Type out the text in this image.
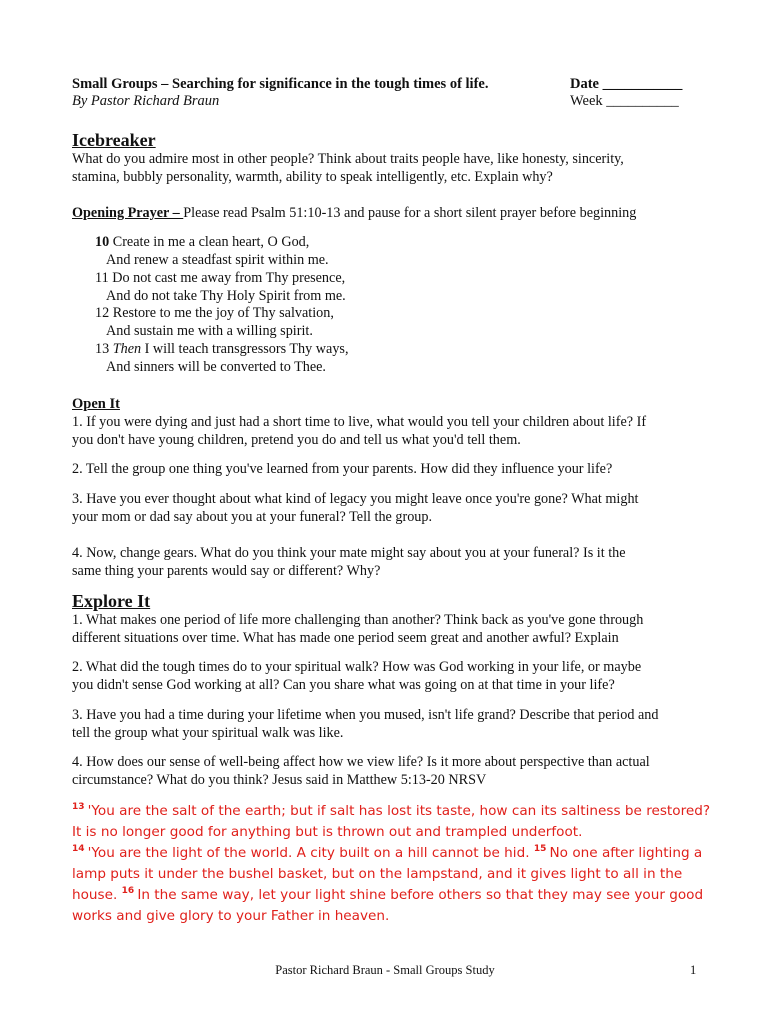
Small Groups – Searching for significance in the tough times of life.
By Pastor Richard Braun
Date ___________
Week __________
Icebreaker
What do you admire most in other people? Think about traits people have, like honesty, sincerity,
stamina, bubbly personality, warmth, ability to speak intelligently, etc. Explain why?
Opening Prayer – Please read Psalm 51:10-13 and pause for a short silent prayer before beginning
10 Create in me a clean heart, O God,
And renew a steadfast spirit within me.
11 Do not cast me away from Thy presence,
And do not take Thy Holy Spirit from me.
12 Restore to me the joy of Thy salvation,
And sustain me with a willing spirit.
13 Then I will teach transgressors Thy ways,
And sinners will be converted to Thee.
Open It
1. If you were dying and just had a short time to live, what would you tell your children about life? If
you don't have young children, pretend you do and tell us what you'd tell them.
2. Tell the group one thing you've learned from your parents. How did they influence your life?
3. Have you ever thought about what kind of legacy you might leave once you're gone? What might
your mom or dad say about you at your funeral? Tell the group.
4. Now, change gears. What do you think your mate might say about you at your funeral? Is it the
same thing your parents would say or different? Why?
Explore It
1. What makes one period of life more challenging than another? Think back as you've gone through
different situations over time. What has made one period seem great and another awful? Explain
2. What did the tough times do to your spiritual walk? How was God working in your life, or maybe
you didn't sense God working at all? Can you share what was going on at that time in your life?
3. Have you had a time during your lifetime when you mused, isn't life grand? Describe that period and
tell the group what your spiritual walk was like.
4. How does our sense of well-being affect how we view life? Is it more about perspective than actual
circumstance? What do you think? Jesus said in Matthew 5:13-20 NRSV
$^{13}$ 'You are the salt of the earth; but if salt has lost its taste, how can its saltiness be restored?
It is no longer good for anything but is thrown out and trampled underfoot.
$^{14}$ 'You are the light of the world. A city built on a hill cannot be hid. $^{15}$ No one after lighting a
lamp puts it under the bushel basket, but on the lampstand, and it gives light to all in the
house. $^{16}$ In the same way, let your light shine before others so that they may see your good
works and give glory to your Father in heaven.
Pastor Richard Braun - Small Groups Study	1
